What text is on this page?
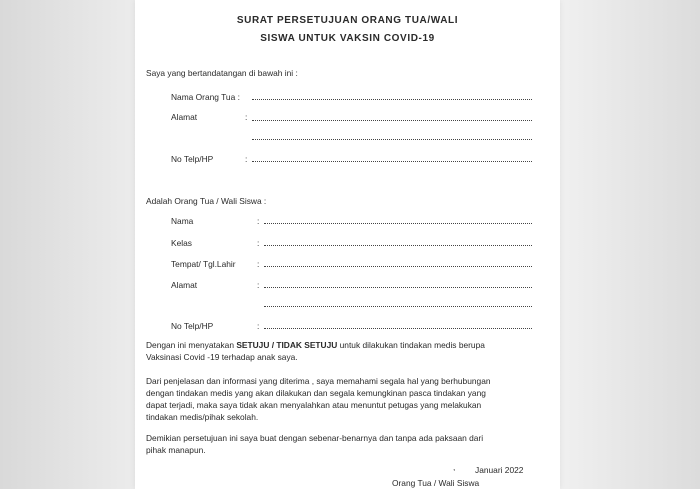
SURAT PERSETUJUAN ORANG TUA/WALI
SISWA UNTUK VAKSIN COVID-19
Saya yang bertandatangan di bawah ini :
Nama Orang Tua :
Alamat	:
No Telp/HP	:
Adalah Orang Tua / Wali Siswa :
Nama	:
Kelas	:
Tempat/ Tgl.Lahir	:
Alamat	:
No Telp/HP	:
Dengan ini menyatakan SETUJU / TIDAK SETUJU untuk dilakukan tindakan medis berupa
Vaksinasi Covid -19 terhadap anak saya.
Dari penjelasan dan informasi yang diterima , saya memahami segala hal yang berhubungan
dengan tindakan medis yang akan dilakukan dan segala kemungkinan pasca tindakan yang
dapat terjadi, maka saya tidak akan menyalahkan atau menuntut petugas yang melakukan
tindakan medis/pihak sekolah.
Demikian persetujuan ini saya buat dengan sebenar-benarnya dan tanpa ada paksaan dari
pihak manapun.
, Januari 2022
Orang Tua / Wali Siswa
